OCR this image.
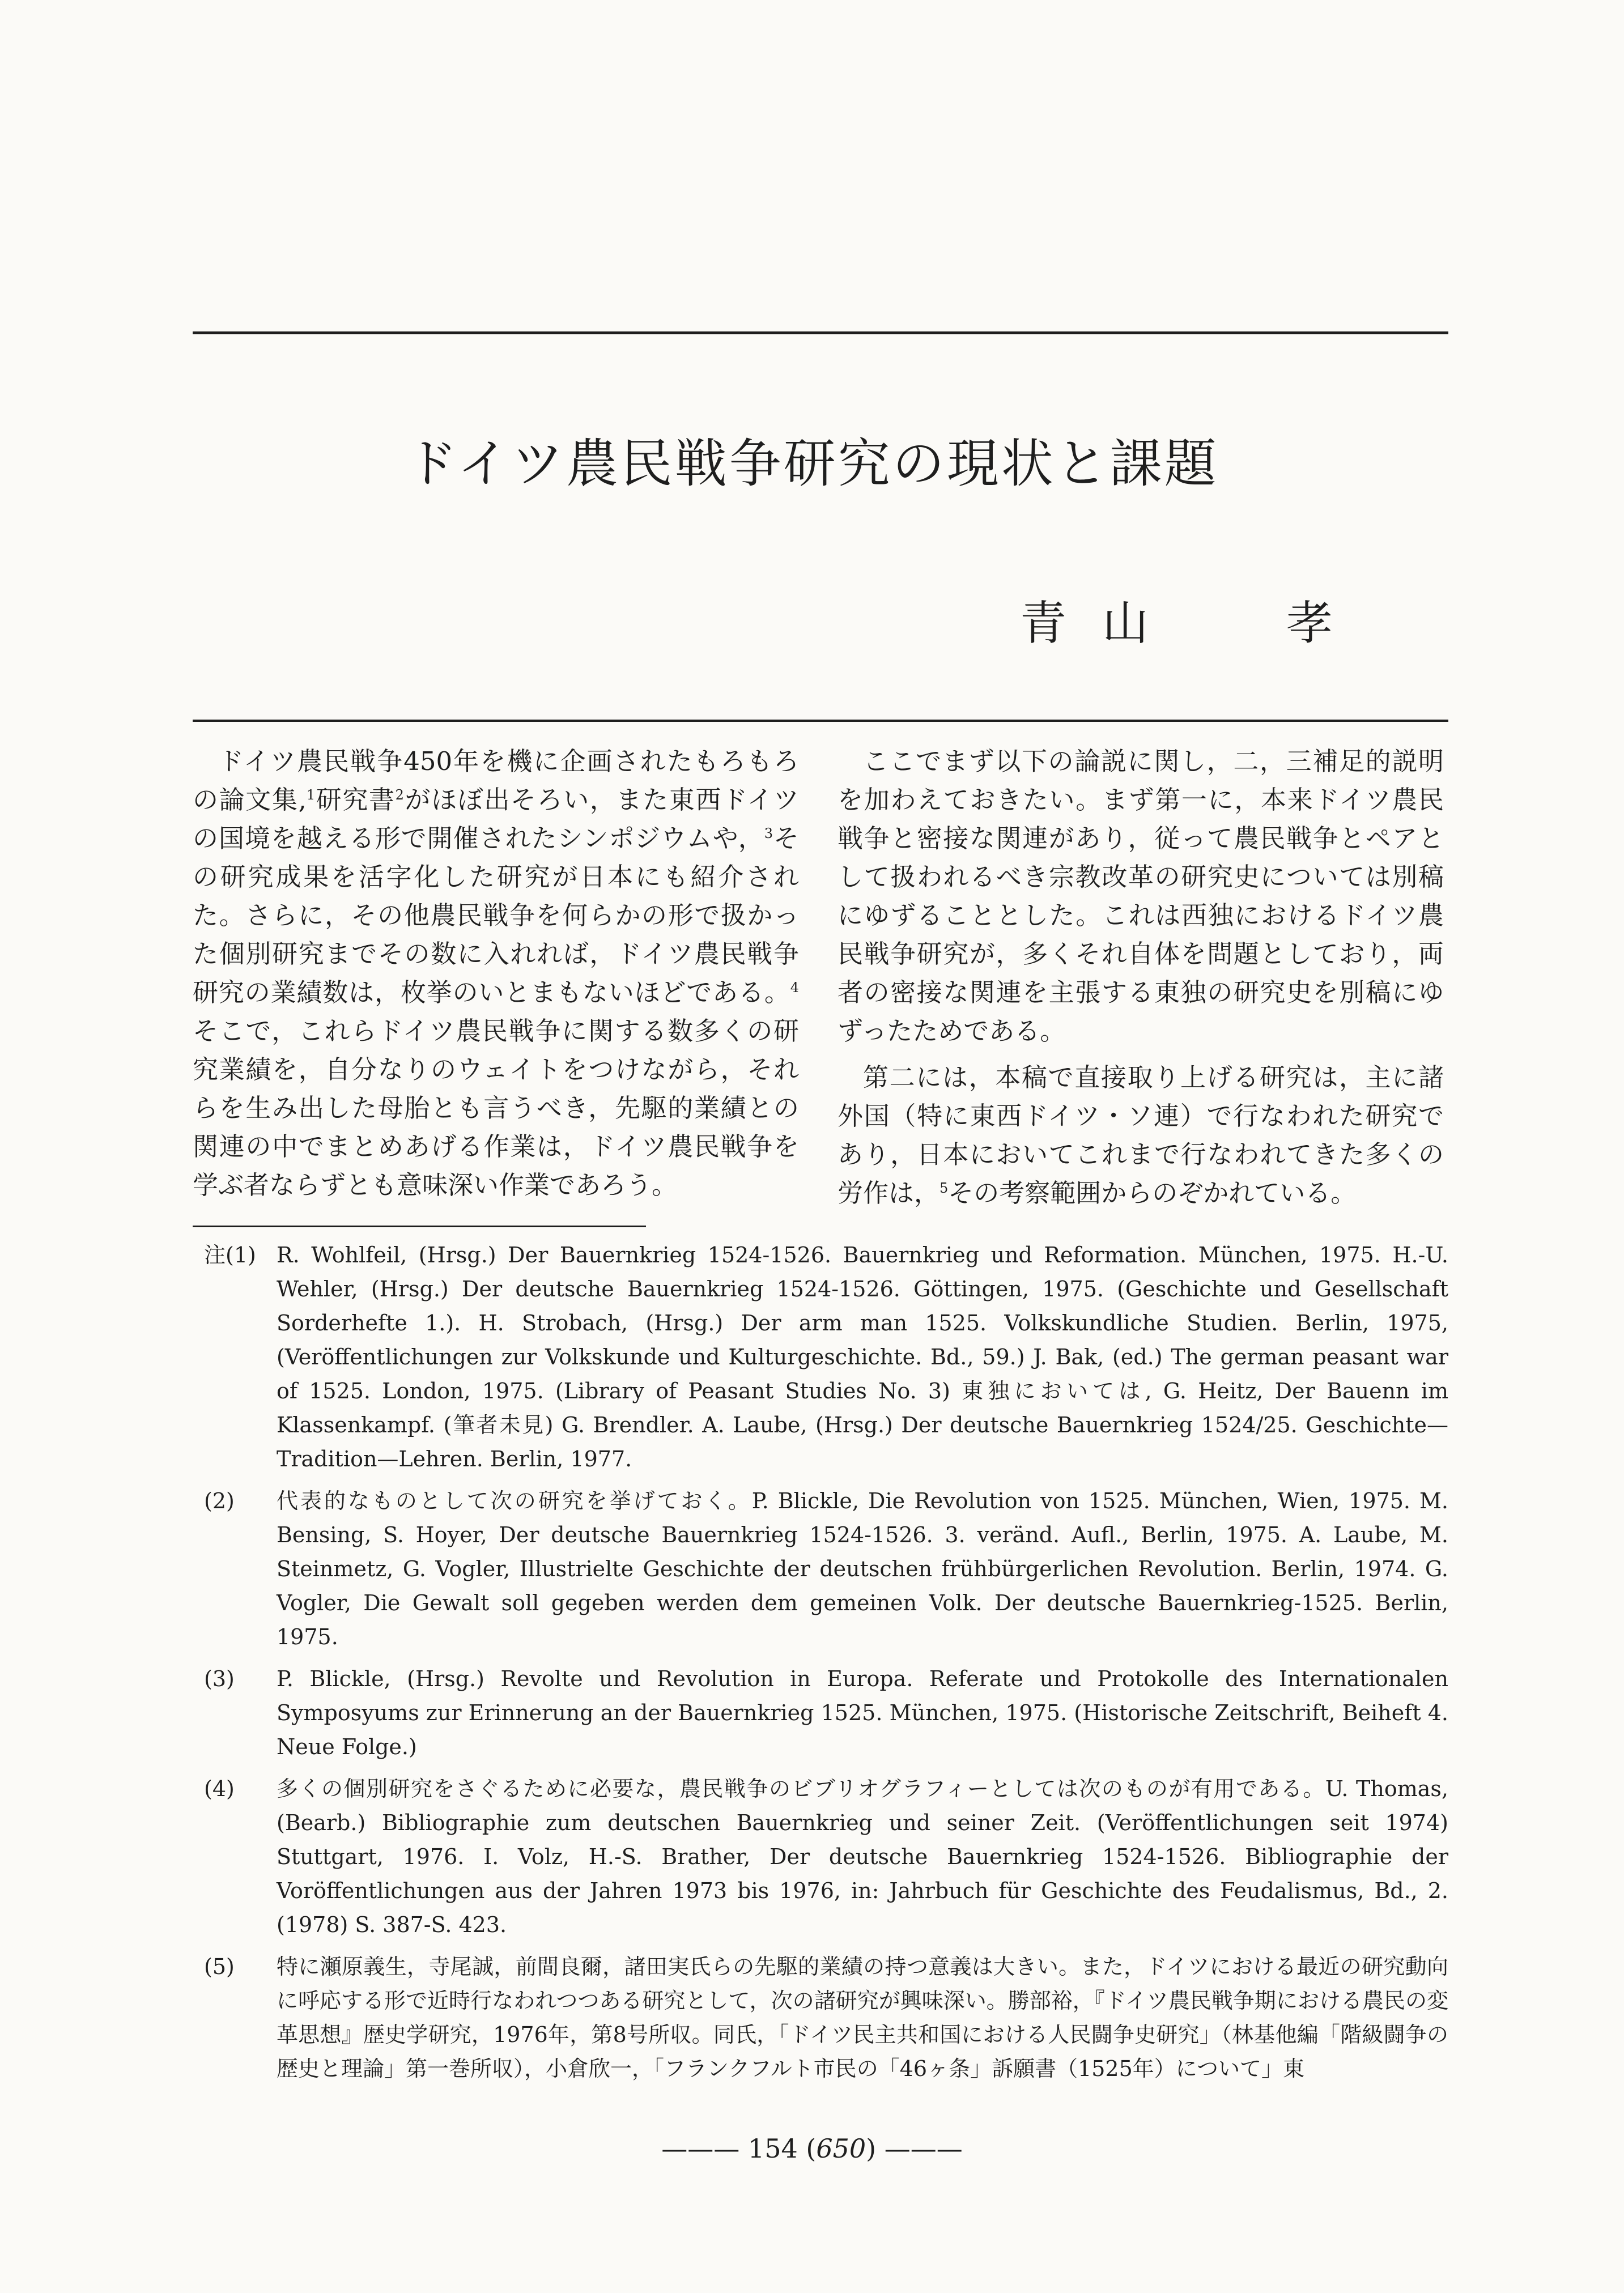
ドイツ農民戦争研究の現状と課題
青 山	孝

ドイツ農民戦争450年を機に企画されたもろもろの論文集,$^1$研究書$^2$がほぼ出そろい，また東西ドイツの国境を越える形で開催されたシンポジウムや，$^3$その研究成果を活字化した研究が日本にも紹介された。さらに，その他農民戦争を何らかの形で扱かった個別研究までその数に入れれば，ドイツ農民戦争研究の業績数は，枚挙のいとまもないほどである。$^4$そこで，これらドイツ農民戦争に関する数多くの研究業績を，自分なりのウェイトをつけながら，それらを生み出した母胎とも言うべき，先駆的業績との関連の中でまとめあげる作業は，ドイツ農民戦争を学ぶ者ならずとも意味深い作業であろう。

ここでまず以下の論説に関し，二，三補足的説明を加わえておきたい。まず第一に，本来ドイツ農民戦争と密接な関連があり，従って農民戦争とペアとして扱われるべき宗教改革の研究史については別稿にゆずることとした。これは西独におけるドイツ農民戦争研究が，多くそれ自体を問題としており，両者の密接な関連を主張する東独の研究史を別稿にゆずったためである。

第二には，本稿で直接取り上げる研究は，主に諸外国（特に東西ドイツ・ソ連）で行なわれた研究であり，日本においてこれまで行なわれてきた多くの労作は，$^5$その考察範囲からのぞかれている。

注(1) R. Wohlfeil, (Hrsg.) Der Bauernkrieg 1524-1526. Bauernkrieg und Reformation. München, 1975. H.-U. Wehler, (Hrsg.) Der deutsche Bauernkrieg 1524-1526. Göttingen, 1975. (Geschichte und Gesellschaft Sorderhefte 1.). H. Strobach, (Hrsg.) Der arm man 1525. Volkskundliche Studien. Berlin, 1975, (Veröffentlichungen zur Volkskunde und Kulturgeschichte. Bd., 59.) J. Bak, (ed.) The german peasant war of 1525. London, 1975. (Library of Peasant Studies No. 3) 東独においては, G. Heitz, Der Bauenn im Klassenkampf. (筆者未見) G. Brendler. A. Laube, (Hrsg.) Der deutsche Bauernkrieg 1524/25. Geschichte—Tradition—Lehren. Berlin, 1977.
(2) 代表的なものとして次の研究を挙げておく。P. Blickle, Die Revolution von 1525. München, Wien, 1975. M. Bensing, S. Hoyer, Der deutsche Bauernkrieg 1524-1526. 3. veränd. Aufl., Berlin, 1975. A. Laube, M. Steinmetz, G. Vogler, Illustrielte Geschichte der deutschen frühbürgerlichen Revolution. Berlin, 1974. G. Vogler, Die Gewalt soll gegeben werden dem gemeinen Volk. Der deutsche Bauernkrieg-1525. Berlin, 1975.
(3) P. Blickle, (Hrsg.) Revolte und Revolution in Europa. Referate und Protokolle des Internationalen Symposyums zur Erinnerung an der Bauernkrieg 1525. München, 1975. (Historische Zeitschrift, Beiheft 4. Neue Folge.)
(4) 多くの個別研究をさぐるために必要な，農民戦争のビブリオグラフィーとしては次のものが有用である。U. Thomas, (Bearb.) Bibliographie zum deutschen Bauernkrieg und seiner Zeit. (Veröffentlichungen seit 1974) Stuttgart, 1976. I. Volz, H.-S. Brather, Der deutsche Bauernkrieg 1524-1526. Bibliographie der Voröffentlichungen aus der Jahren 1973 bis 1976, in: Jahrbuch für Geschichte des Feudalismus, Bd., 2. (1978) S. 387-S. 423.
(5) 特に瀬原義生，寺尾誠，前間良爾，諸田実氏らの先駆的業績の持つ意義は大きい。また，ドイツにおける最近の研究動向に呼応する形で近時行なわれつつある研究として，次の諸研究が興味深い。勝部裕，『ドイツ農民戦争期における農民の変革思想』歴史学研究，1976年，第8号所収。同氏，「ドイツ民主共和国における人民闘争史研究」（林基他編「階級闘争の歴史と理論」第一巻所収），小倉欣一，「フランクフルト市民の「46ヶ条」訴願書（1525年）について」東
——— 154 (650) ———
